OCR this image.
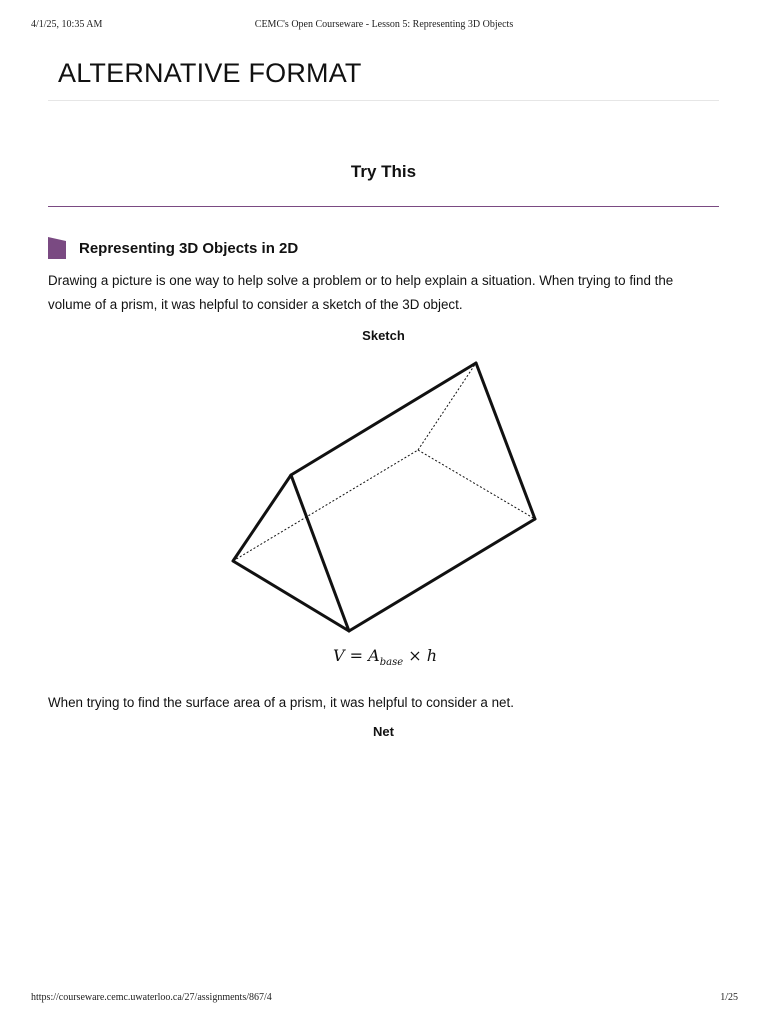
4/1/25, 10:35 AM	CEMC's Open Courseware - Lesson 5: Representing 3D Objects
ALTERNATIVE FORMAT
Try This
Representing 3D Objects in 2D

Drawing a picture is one way to help solve a problem or to help explain a situation. When trying to find the volume of a prism, it was helpful to consider a sketch of the 3D object.

Sketch

$V = A_{base} \times h$

When trying to find the surface area of a prism, it was helpful to consider a net.

Net

https://courseware.cemc.uwaterloo.ca/27/assignments/867/4	1/25
